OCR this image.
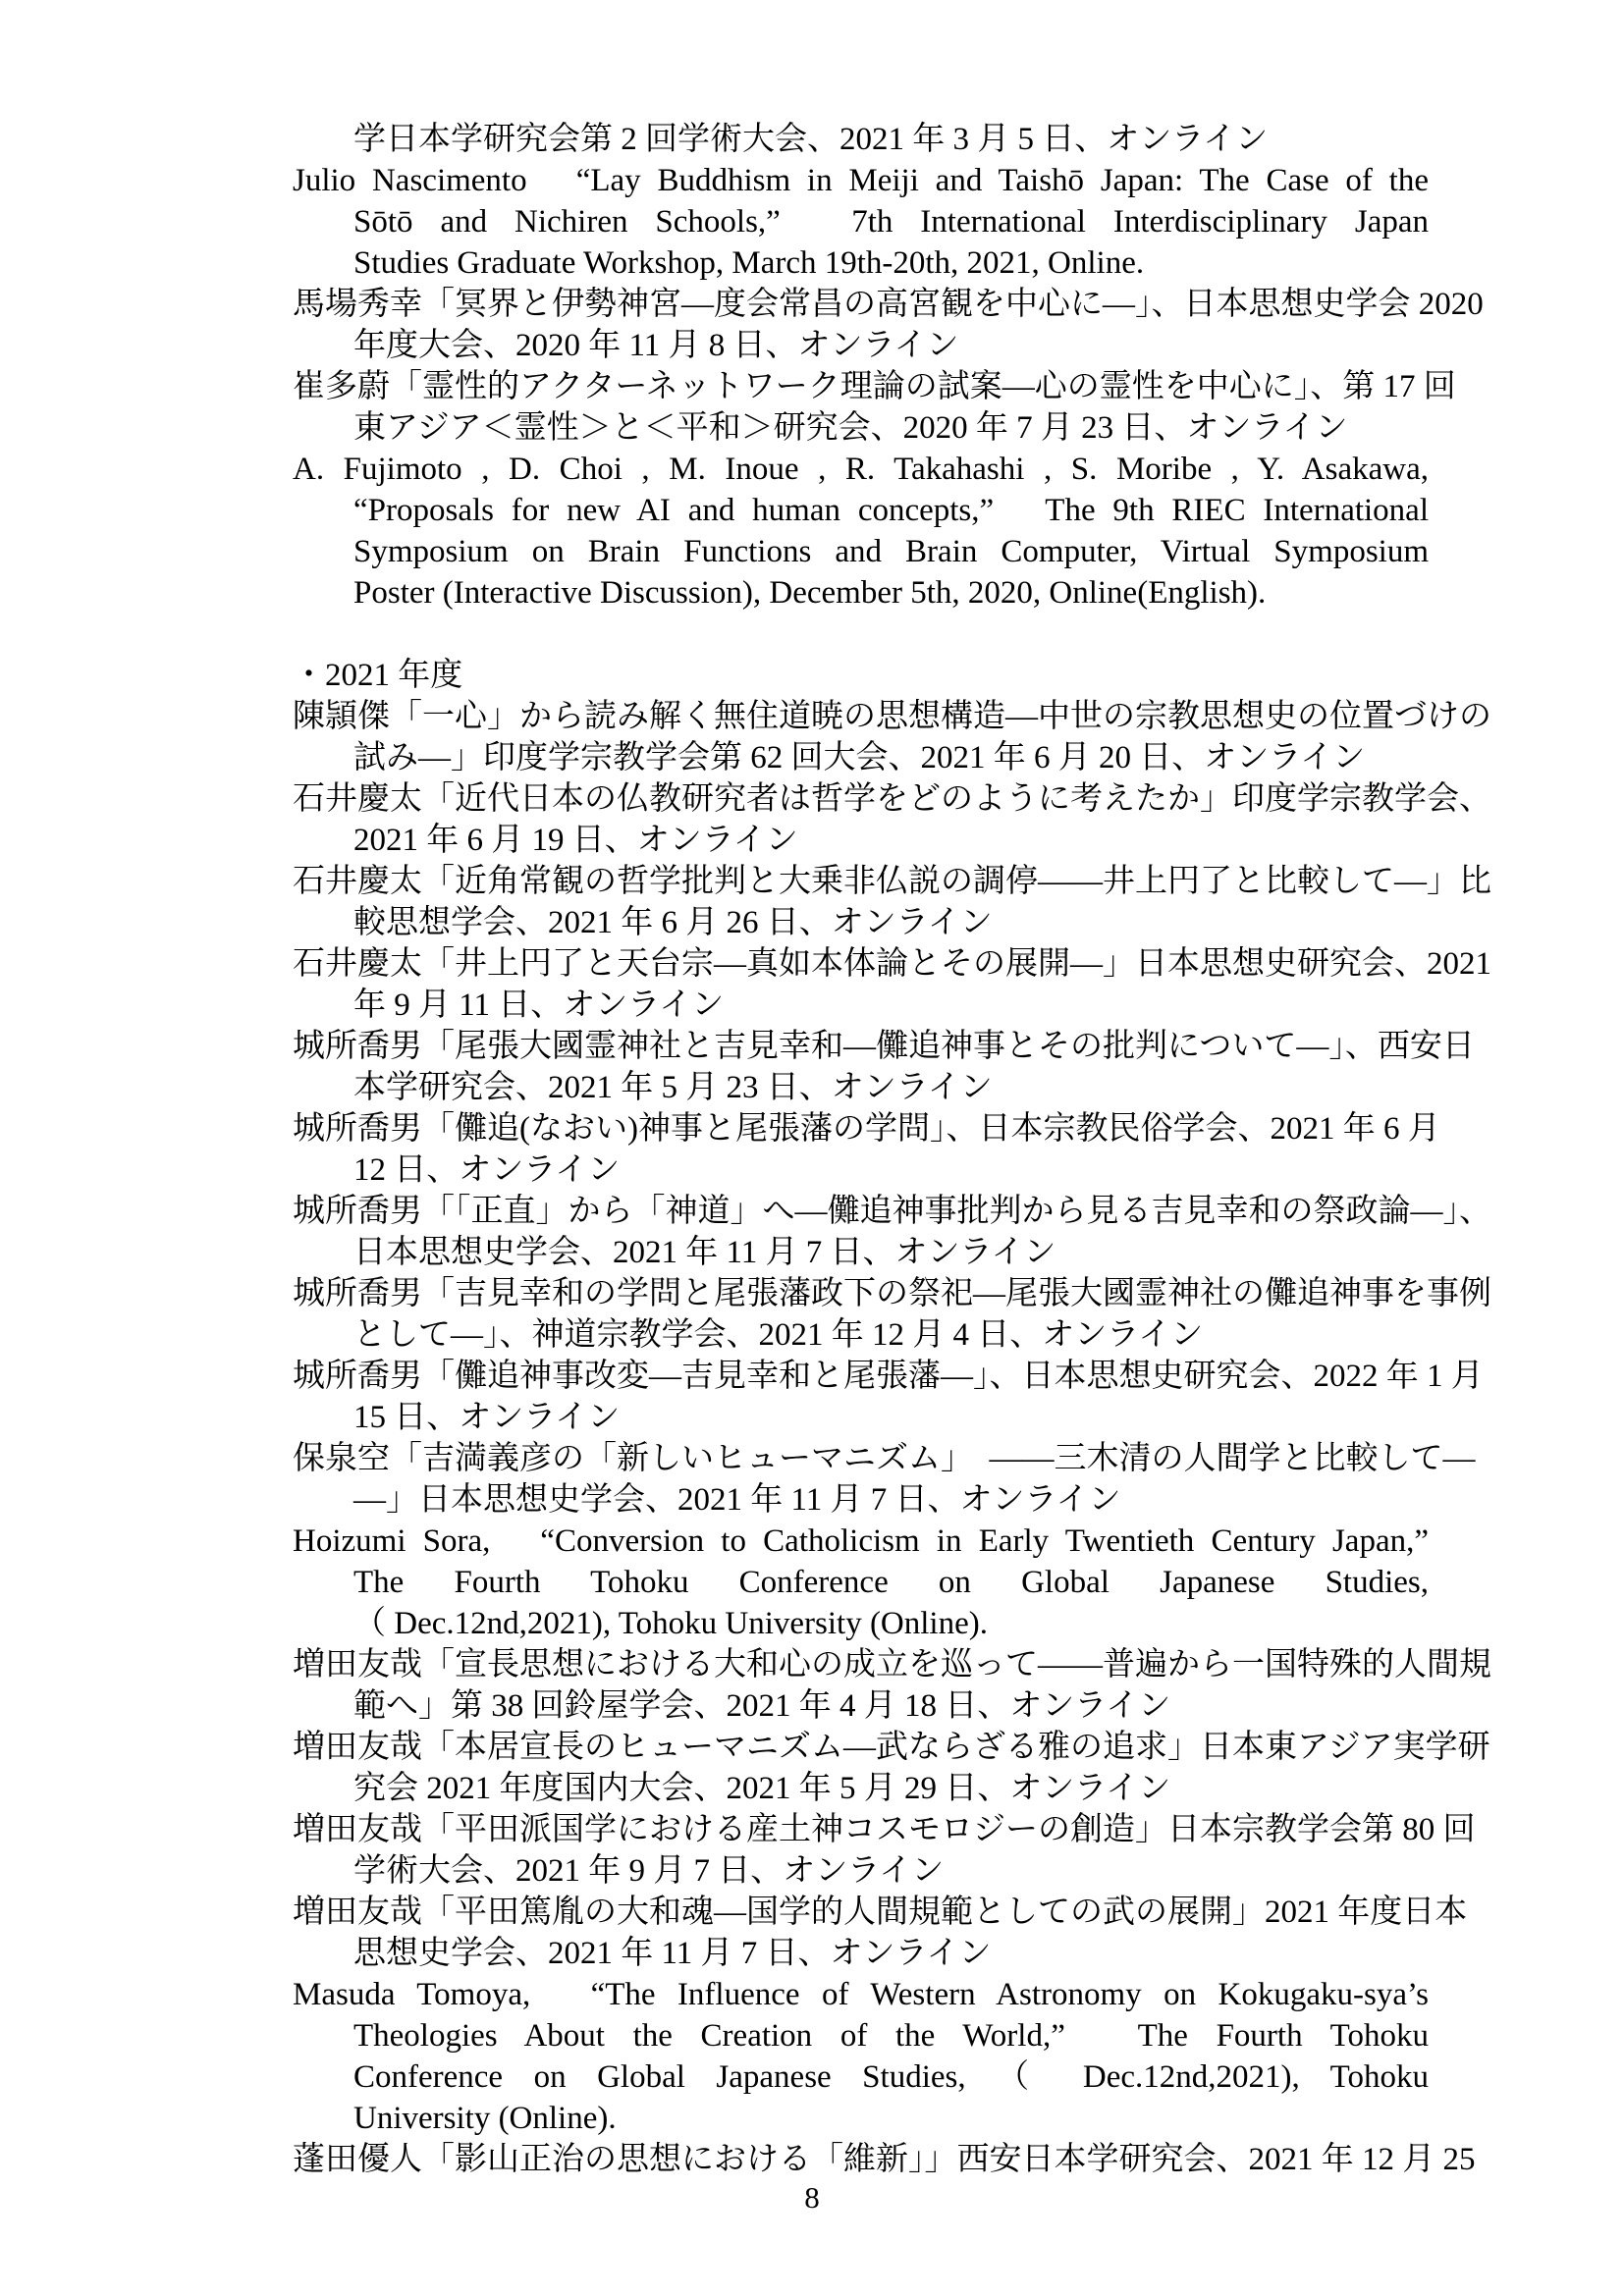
学日本学研究会第 2 回学術大会、2021 年 3 月 5 日、オンライン
Julio Nascimento　“Lay Buddhism in Meiji and Taishō Japan: The Case of the
Sōtō and Nichiren Schools,”　7th International Interdisciplinary Japan
Studies Graduate Workshop, March 19th-20th, 2021, Online.
馬場秀幸「冥界と伊勢神宮―度会常昌の高宮観を中心に―」、日本思想史学会 2020
年度大会、2020 年 11 月 8 日、オンライン
崔多蔚「霊性的アクターネットワーク理論の試案―心の霊性を中心に」、第 17 回
東アジア＜霊性＞と＜平和＞研究会、2020 年 7 月 23 日、オンライン
A. Fujimoto , D. Choi , M. Inoue , R. Takahashi , S. Moribe , Y. Asakawa,
“Proposals for new AI and human concepts,”　The 9th RIEC International
Symposium on Brain Functions and Brain Computer, Virtual Symposium
Poster (Interactive Discussion), December 5th, 2020, Online(English).
・2021 年度
陳頴傑「一心」から読み解く無住道暁の思想構造―中世の宗教思想史の位置づけの
試み―」印度学宗教学会第 62 回大会、2021 年 6 月 20 日、オンライン
石井慶太「近代日本の仏教研究者は哲学をどのように考えたか」印度学宗教学会、
2021 年 6 月 19 日、オンライン
石井慶太「近角常観の哲学批判と大乗非仏説の調停――井上円了と比較して―」比
較思想学会、2021 年 6 月 26 日、オンライン
石井慶太「井上円了と天台宗―真如本体論とその展開―」日本思想史研究会、2021
年 9 月 11 日、オンライン
城所喬男「尾張大國霊神社と吉見幸和―儺追神事とその批判について―」、西安日
本学研究会、2021 年 5 月 23 日、オンライン
城所喬男「儺追(なおい)神事と尾張藩の学問」、日本宗教民俗学会、2021 年 6 月
12 日、オンライン
城所喬男「「正直」から「神道」へ―儺追神事批判から見る吉見幸和の祭政論―」、
日本思想史学会、2021 年 11 月 7 日、オンライン
城所喬男「吉見幸和の学問と尾張藩政下の祭祀―尾張大國霊神社の儺追神事を事例
として―」、神道宗教学会、2021 年 12 月 4 日、オンライン
城所喬男「儺追神事改変―吉見幸和と尾張藩―」、日本思想史研究会、2022 年 1 月
15 日、オンライン
保泉空「吉満義彦の「新しいヒューマニズム」　――三木清の人間学と比較して―
―」日本思想史学会、2021 年 11 月 7 日、オンライン
Hoizumi Sora,　“Conversion to Catholicism in Early Twentieth Century Japan,”
The Fourth Tohoku Conference on Global Japanese Studies,
（ Dec.12nd,2021), Tohoku University (Online).
増田友哉「宣長思想における大和心の成立を巡って――普遍から一国特殊的人間規
範へ」第 38 回鈴屋学会、2021 年 4 月 18 日、オンライン
増田友哉「本居宣長のヒューマニズム―武ならざる雅の追求」日本東アジア実学研
究会 2021 年度国内大会、2021 年 5 月 29 日、オンライン
増田友哉「平田派国学における産土神コスモロジーの創造」日本宗教学会第 80 回
学術大会、2021 年 9 月 7 日、オンライン
増田友哉「平田篤胤の大和魂―国学的人間規範としての武の展開」2021 年度日本
思想史学会、2021 年 11 月 7 日、オンライン
Masuda Tomoya,　“The Influence of Western Astronomy on Kokugaku-sya’s
Theologies About the Creation of the World,”　The Fourth Tohoku
Conference on Global Japanese Studies, （ Dec.12nd,2021), Tohoku
University (Online).
蓬田優人「影山正治の思想における「維新」」西安日本学研究会、2021 年 12 月 25
8
